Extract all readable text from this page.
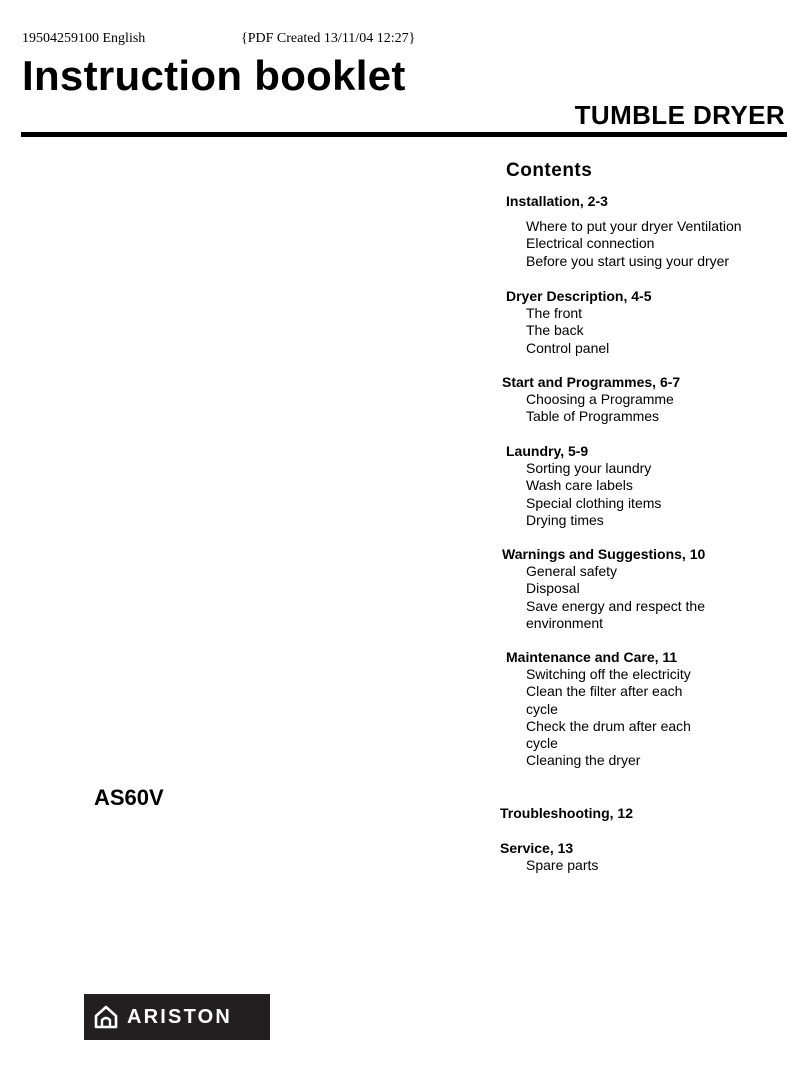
19504259100 English	{PDF Created 13/11/04 12:27}
Instruction booklet
TUMBLE DRYER
Contents
Installation, 2-3
Where to put your dryer Ventilation
Electrical connection
Before you start using your dryer
Dryer Description, 4-5
The front
The back
Control panel
Start and Programmes, 6-7
Choosing a Programme
Table of Programmes
Laundry, 5-9
Sorting your laundry
Wash care labels
Special clothing items
Drying times
Warnings and Suggestions, 10
General safety
Disposal
Save energy and respect the environment
Maintenance and Care, 11
Switching off the electricity
Clean the filter after each cycle
Check the drum after each cycle
Cleaning the dryer
Troubleshooting, 12
Service, 13
Spare parts
AS60V
ARISTON
